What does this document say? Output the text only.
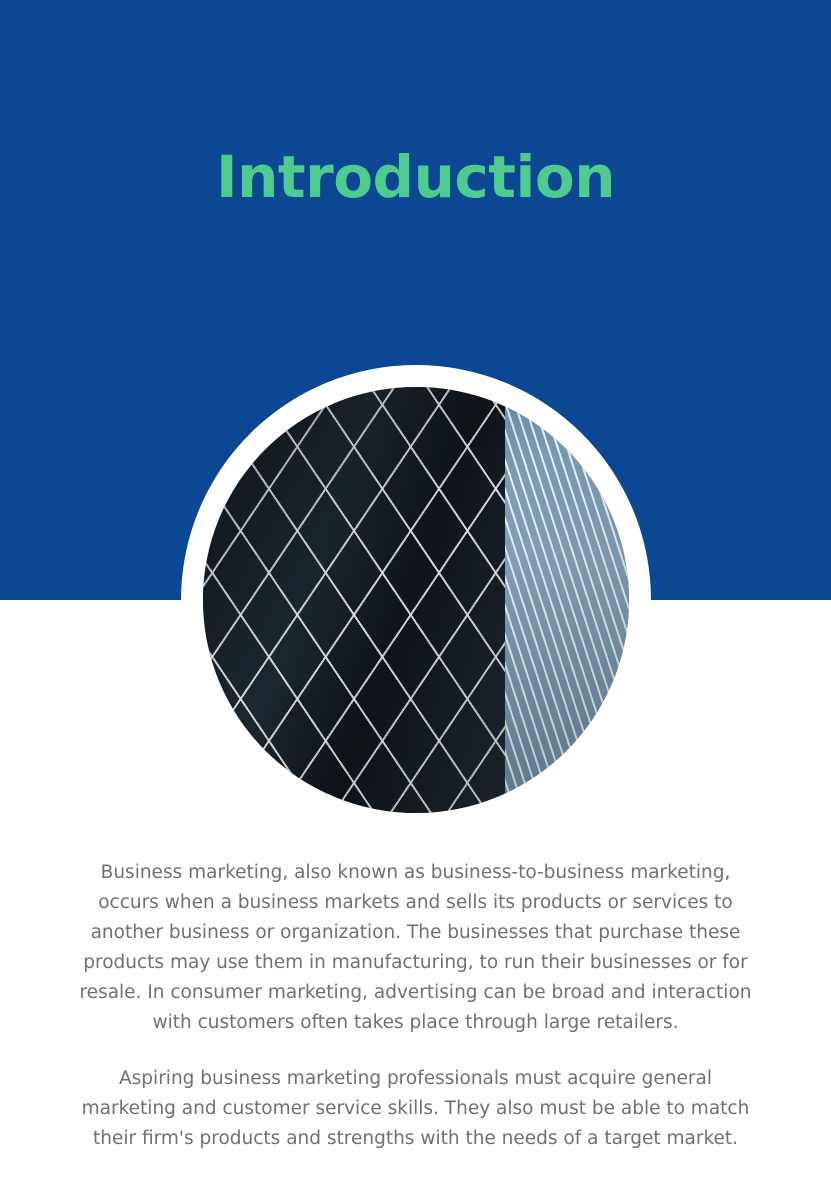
Introduction

Business marketing, also known as business-to-business marketing, occurs when a business markets and sells its products or services to another business or organization. The businesses that purchase these products may use them in manufacturing, to run their businesses or for resale. In consumer marketing, advertising can be broad and interaction with customers often takes place through large retailers.

Aspiring business marketing professionals must acquire general marketing and customer service skills. They also must be able to match their firm's products and strengths with the needs of a target market.
